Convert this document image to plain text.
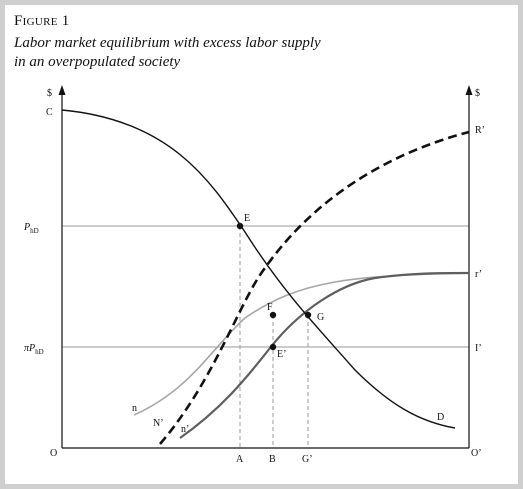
Figure 1
Labor market equilibrium with excess labor supply
in an overpopulated society
$	$
C
$P_{hD}$
$\pi P_{hD}$
R’
r’
I’
O	O’
A	B	G’
n
N’
n’
D
E
F
G
E’
